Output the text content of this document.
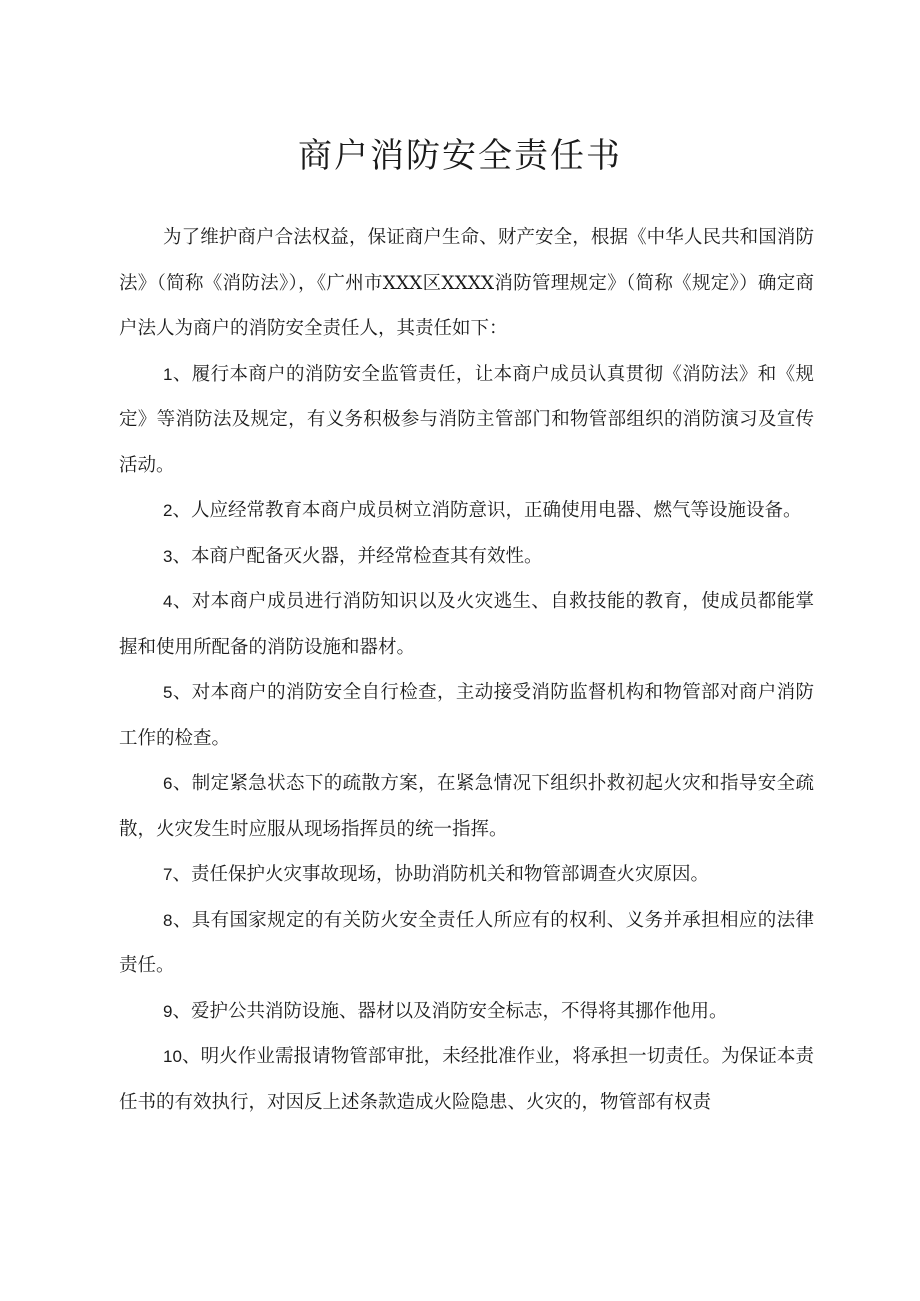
商户消防安全责任书

为了维护商户合法权益，保证商户生命、财产安全，根据《中华人民共和国消防法》（简称《消防法》），《广州市XXX区XXXX消防管理规定》（简称《规定》）确定商户法人为商户的消防安全责任人，其责任如下：

1、履行本商户的消防安全监管责任，让本商户成员认真贯彻《消防法》和《规定》等消防法及规定，有义务积极参与消防主管部门和物管部组织的消防演习及宣传活动。

2、人应经常教育本商户成员树立消防意识，正确使用电器、燃气等设施设备。

3、本商户配备灭火器，并经常检查其有效性。

4、对本商户成员进行消防知识以及火灾逃生、自救技能的教育，使成员都能掌握和使用所配备的消防设施和器材。

5、对本商户的消防安全自行检查，主动接受消防监督机构和物管部对商户消防工作的检查。

6、制定紧急状态下的疏散方案，在紧急情况下组织扑救初起火灾和指导安全疏散，火灾发生时应服从现场指挥员的统一指挥。

7、责任保护火灾事故现场，协助消防机关和物管部调查火灾原因。

8、具有国家规定的有关防火安全责任人所应有的权利、义务并承担相应的法律责任。

9、爱护公共消防设施、器材以及消防安全标志，不得将其挪作他用。

10、明火作业需报请物管部审批，未经批准作业，将承担一切责任。为保证本责任书的有效执行，对因反上述条款造成火险隐患、火灾的，物管部有权责
